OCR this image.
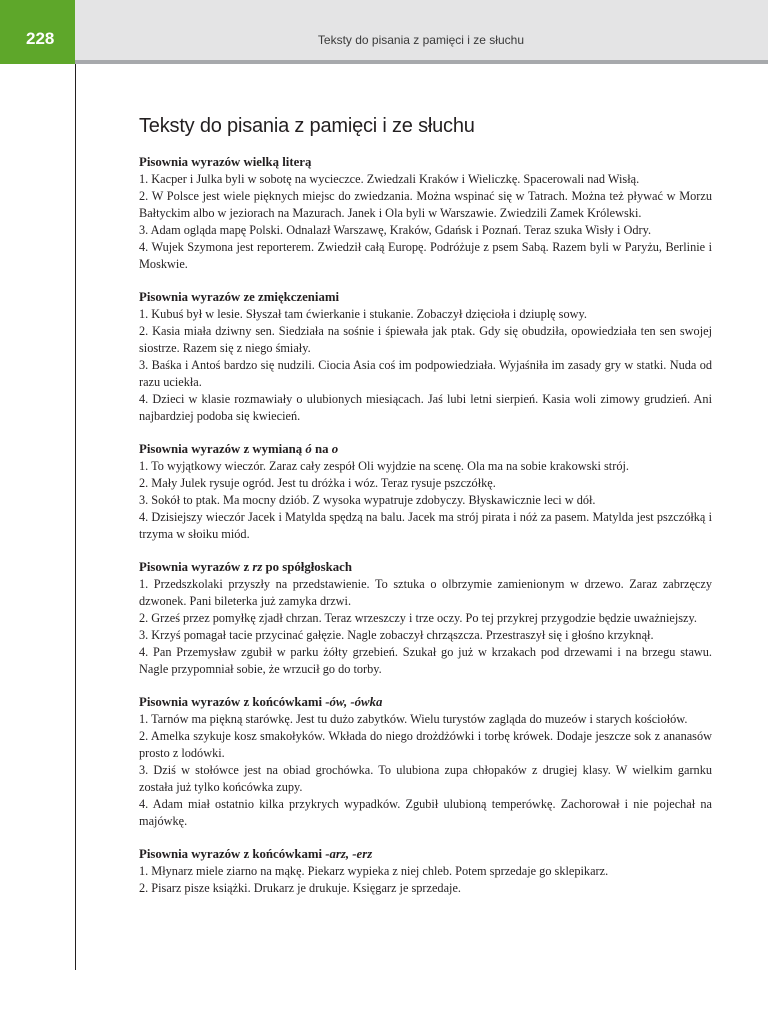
228	Teksty do pisania z pamięci i ze słuchu
Teksty do pisania z pamięci i ze słuchu

Pisownia wyrazów wielką literą

1. Kacper i Julka byli w sobotę na wycieczce. Zwiedzali Kraków i Wieliczkę. Spacerowali nad Wisłą.

2. W Polsce jest wiele pięknych miejsc do zwiedzania. Można wspinać się w Tatrach. Można też pływać w Morzu Bałtyckim albo w jeziorach na Mazurach. Janek i Ola byli w Warszawie. Zwiedzili Zamek Królewski.

3. Adam ogląda mapę Polski. Odnalazł Warszawę, Kraków, Gdańsk i Poznań. Teraz szuka Wisły i Odry.

4. Wujek Szymona jest reporterem. Zwiedził całą Europę. Podróżuje z psem Sabą. Razem byli w Paryżu, Berlinie i Moskwie.

Pisownia wyrazów ze zmiękczeniami

1. Kubuś był w lesie. Słyszał tam ćwierkanie i stukanie. Zobaczył dzięcioła i dziuplę sowy.

2. Kasia miała dziwny sen. Siedziała na sośnie i śpiewała jak ptak. Gdy się obudziła, opowiedziała ten sen swojej siostrze. Razem się z niego śmiały.

3. Baśka i Antoś bardzo się nudzili. Ciocia Asia coś im podpowiedziała. Wyjaśniła im zasady gry w statki. Nuda od razu uciekła.

4. Dzieci w klasie rozmawiały o ulubionych miesiącach. Jaś lubi letni sierpień. Kasia woli zimowy grudzień. Ani najbardziej podoba się kwiecień.

Pisownia wyrazów z wymianą ó na o

1. To wyjątkowy wieczór. Zaraz cały zespół Oli wyjdzie na scenę. Ola ma na sobie krakowski strój.

2. Mały Julek rysuje ogród. Jest tu dróżka i wóz. Teraz rysuje pszczółkę.

3. Sokół to ptak. Ma mocny dziób. Z wysoka wypatruje zdobyczy. Błyskawicznie leci w dół.

4. Dzisiejszy wieczór Jacek i Matylda spędzą na balu. Jacek ma strój pirata i nóż za pasem. Matylda jest pszczółką i trzyma w słoiku miód.

Pisownia wyrazów z rz po spółgłoskach

1. Przedszkolaki przyszły na przedstawienie. To sztuka o olbrzymie zamienionym w drzewo. Zaraz zabrzęczy dzwonek. Pani bileterka już zamyka drzwi.

2. Grześ przez pomyłkę zjadł chrzan. Teraz wrzeszczy i trze oczy. Po tej przykrej przygodzie będzie uważniejszy.

3. Krzyś pomagał tacie przycinać gałęzie. Nagle zobaczył chrząszcza. Przestraszył się i głośno krzyknął.

4. Pan Przemysław zgubił w parku żółty grzebień. Szukał go już w krzakach pod drzewami i na brzegu stawu. Nagle przypomniał sobie, że wrzucił go do torby.

Pisownia wyrazów z końcówkami -ów, -ówka

1. Tarnów ma piękną starówkę. Jest tu dużo zabytków. Wielu turystów zagląda do muzeów i starych kościołów.

2. Amelka szykuje kosz smakołyków. Wkłada do niego drożdżówki i torbę krówek. Dodaje jeszcze sok z ananasów prosto z lodówki.

3. Dziś w stołówce jest na obiad grochówka. To ulubiona zupa chłopaków z drugiej klasy. W wielkim garnku została już tylko końcówka zupy.

4. Adam miał ostatnio kilka przykrych wypadków. Zgubił ulubioną temperówkę. Zachorował i nie pojechał na majówkę.

Pisownia wyrazów z końcówkami -arz, -erz

1. Młynarz miele ziarno na mąkę. Piekarz wypieka z niej chleb. Potem sprzedaje go sklepikarz.

2. Pisarz pisze książki. Drukarz je drukuje. Księgarz je sprzedaje.
